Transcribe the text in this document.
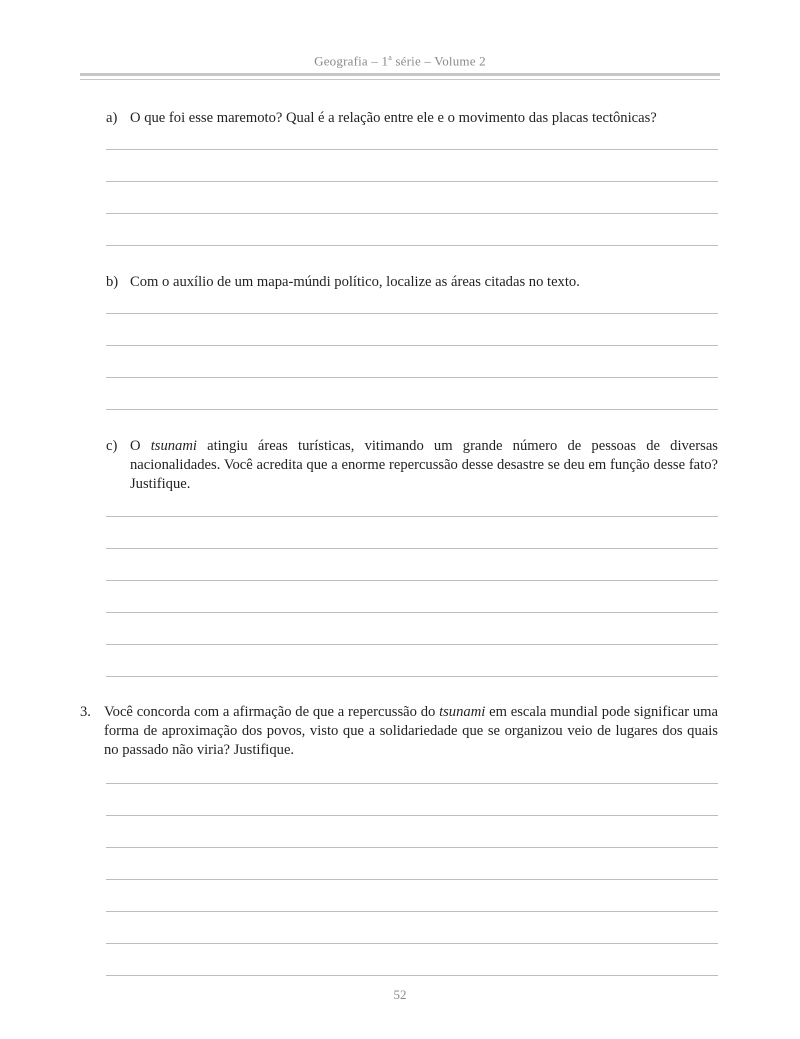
Geografia – 1$^a$ série – Volume 2
a) O que foi esse maremoto? Qual é a relação entre ele e o movimento das placas tectônicas?
b) Com o auxílio de um mapa-múndi político, localize as áreas citadas no texto.
c) O tsunami atingiu áreas turísticas, vitimando um grande número de pessoas de diversas nacionalidades. Você acredita que a enorme repercussão desse desastre se deu em função desse fato? Justifique.
3. Você concorda com a afirmação de que a repercussão do tsunami em escala mundial pode significar uma forma de aproximação dos povos, visto que a solidariedade que se organizou veio de lugares dos quais no passado não viria? Justifique.
52
